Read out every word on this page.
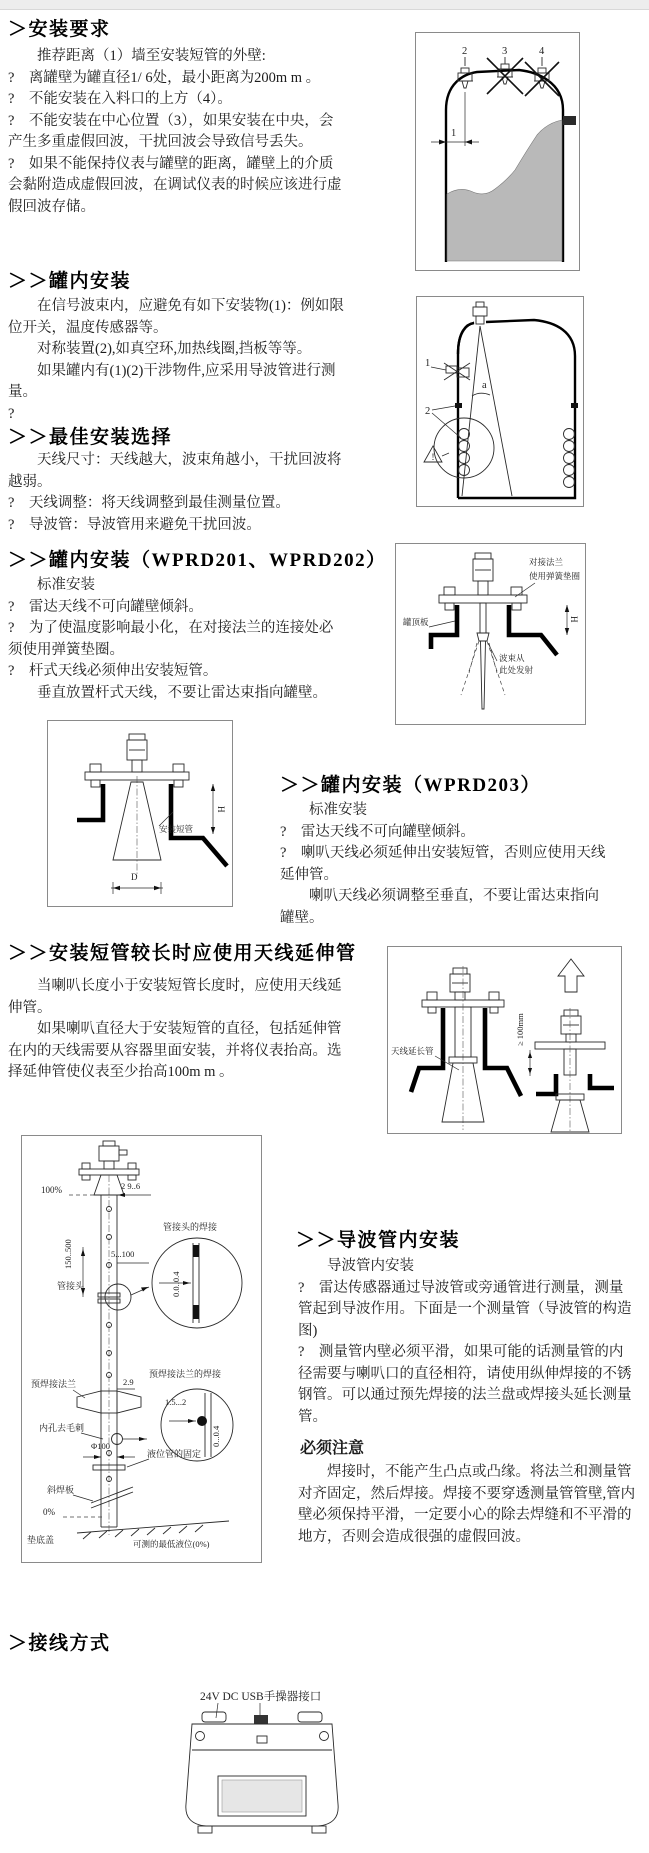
＞安装要求

推荐距离（1）墙至安装短管的外壁:

?　离罐壁为罐直径1/ 6处，最小距离为200m m 。

?　不能安装在入料口的上方（4）。

?　不能安装在中心位置（3），如果安装在中央，会产生多重虚假回波，干扰回波会导致信号丢失。

?　如果不能保持仪表与罐壁的距离，罐壁上的介质会黏附造成虚假回波，在调试仪表的时候应该进行虚假回波存储。

2	3	4
1
＞＞罐内安装

在信号波束内，应避免有如下安装物(1)：例如限位开关，温度传感器等。

对称装置(2),如真空环,加热线圈,挡板等等。

如果罐内有(1)(2)干涉物件,应采用导波管进行测量。

?

a
1
2
!
＞＞最佳安装选择

天线尺寸：天线越大，波束角越小，干扰回波将越弱。

?　天线调整：将天线调整到最佳测量位置。

?　导波管：导波管用来避免干扰回波。

＞＞罐内安装（WPRD201、WPRD202）

标准安装

?　雷达天线不可向罐壁倾斜。

?　为了使温度影响最小化，在对接法兰的连接处必须使用弹簧垫圈。

?　杆式天线必须伸出安装短管。

垂直放置杆式天线，不要让雷达束指向罐壁。

H
对接法兰
使用弹簧垫圈
罐顶板
波束从
此处发射
H
安装短管
D
＞＞罐内安装（WPRD203）

标准安装

?　雷达天线不可向罐壁倾斜。

?　喇叭天线必须延伸出安装短管，否则应使用天线延伸管。

喇叭天线必须调整至垂直，不要让雷达束指向罐壁。

＞＞安装短管较长时应使用天线延伸管

当喇叭长度小于安装短管长度时，应使用天线延伸管。

如果喇叭直径大于安装短管的直径，包括延伸管在内的天线需要从容器里面安装，并将仪表抬高。选择延伸管使仪表至少抬高100m m 。

天线延长管
≥ 100mm
100%	2 9..6
150..500	5...100
管接头
管接头的焊接
0.0..0.4
预焊接法兰	2.9
预焊接法兰的焊接
1.5...2
0...0.4
内孔去毛刺
Φ100
液位管的固定
斜焊板
0%
垫底盖	可测的最低液位(0%)
＞＞导波管内安装

导波管内安装

?　雷达传感器通过导波管或旁通管进行测量，测量管起到导波作用。下面是一个测量管（导波管的构造图)

?　测量管内壁必须平滑，如果可能的话测量管的内径需要与喇叭口的直径相符，请使用纵伸焊接的不锈钢管。可以通过预先焊接的法兰盘或焊接头延长测量管。

必须注意

焊接时，不能产生凸点或凸缘。将法兰和测量管对齐固定，然后焊接。焊接不要穿透测量管管壁,管内壁必须保持平滑，一定要小心的除去焊缝和不平滑的地方，否则会造成很强的虚假回波。

＞接线方式
24V DC USB手操器接口
